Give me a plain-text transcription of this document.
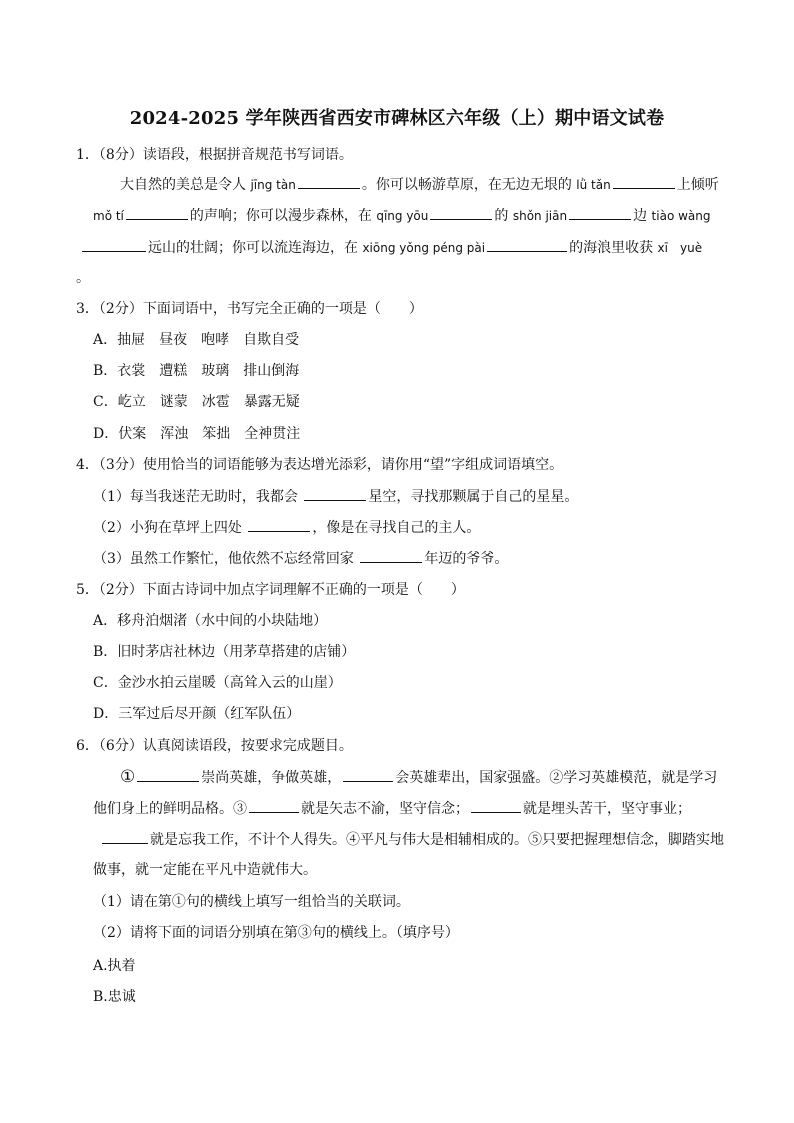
2024-2025 学年陕西省西安市碑林区六年级（上）期中语文试卷
1．（8分）读语段，根据拼音规范书写词语。
大自然的美总是令人 jīng tàn	。你可以畅游草原，在无边无垠的 lǜ tǎn	上倾听
mǒ tí	的声响；你可以漫步森林，在 qīng yōu	的 shǒn jiān	边 tiào wàng
远山的壮阔；你可以流连海边，在 xiōng yǒng péng pài	的海浪里收获 xī　yuè
。
3．（2分）下面词语中，书写完全正确的一项是（　　）
A．抽屉　昼夜　咆哮　自欺自受
B．衣裳　遭糕　玻璃　排山倒海
C．屹立　谜蒙　冰雹　暴露无疑
D．伏案　浑浊　笨拙　全神贯注
4．（3分）使用恰当的词语能够为表达增光添彩，请你用“望”字组成词语填空。
（1）每当我迷茫无助时，我都会	星空，寻找那颗属于自己的星星。
（2）小狗在草坪上四处	，像是在寻找自己的主人。
（3）虽然工作繁忙，他依然不忘经常回家	年迈的爷爷。
5．（2分）下面古诗词中加点字词理解不正确的一项是（　　）
A．移舟泊烟渚（水中间的小块陆地）
B．旧时茅店社林边（用茅草搭建的店铺）
C．金沙水拍云崖暖（高耸入云的山崖）
D．三军过后尽开颜（红军队伍）
6．（6分）认真阅读语段，按要求完成题目。
①	崇尚英雄，争做英雄，	会英雄辈出，国家强盛。②学习英雄模范，就是学习
他们身上的鲜明品格。③	就是矢志不渝，坚守信念；	就是埋头苦干，坚守事业；
就是忘我工作，不计个人得失。④平凡与伟大是相辅相成的。⑤只要把握理想信念，脚踏实地
做事，就一定能在平凡中造就伟大。
（1）请在第①句的横线上填写一组恰当的关联词。
（2）请将下面的词语分别填在第③句的横线上。（填序号）
A.执着
B.忠诚
